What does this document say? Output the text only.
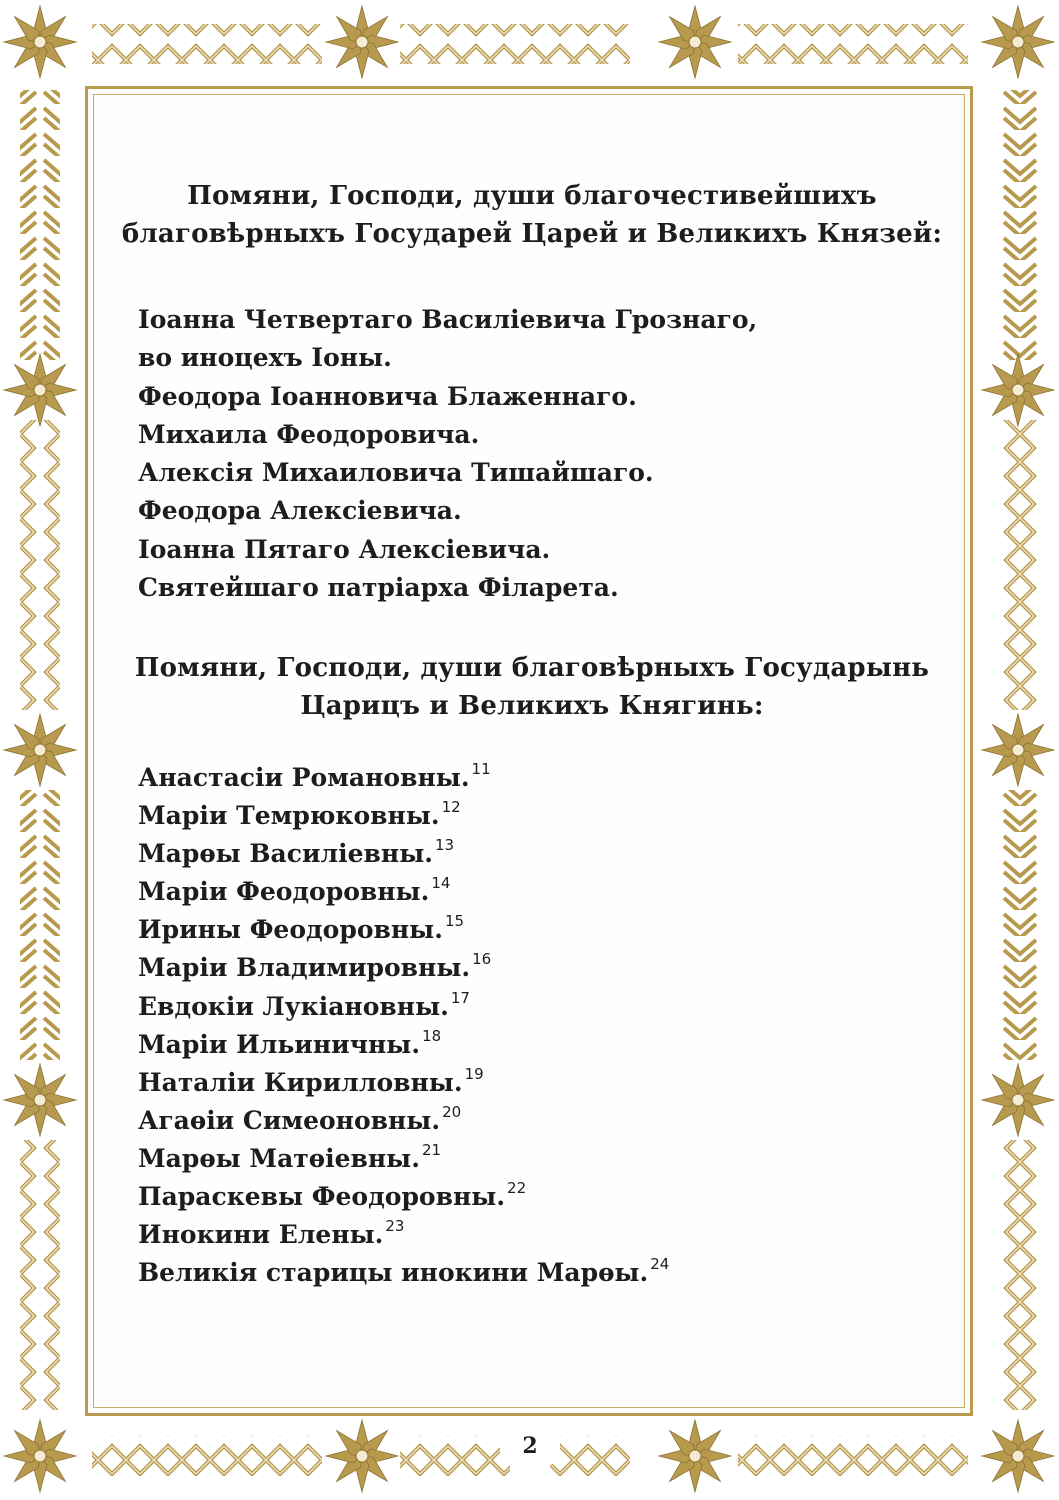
Помяни, Господи, души благочестивейшихъ
благовѣрныхъ Государей Царей и Великихъ Князей:
Іоанна Четвертаго Василіевича Грознаго,
во иноцехъ Іоны.
Феодора Іоанновича Блаженнаго.
Михаила Феодоровича.
Алексія Михаиловича Тишайшаго.
Феодора Алексіевича.
Іоанна Пятаго Алексіевича.
Святейшаго патріарха Філарета.
Помяни, Господи, души благовѣрныхъ Государынь
Царицъ и Великихъ Княгинь:
Анастасіи Романовны. $^{11}$
Маріи Темрюковны. $^{12}$
Марѳы Василіевны. $^{13}$
Маріи Феодоровны. $^{14}$
Ирины Феодоровны. $^{15}$
Маріи Владимировны. $^{16}$
Евдокіи Лукіановны. $^{17}$
Маріи Ильиничны. $^{18}$
Наталіи Кирилловны. $^{19}$
Агаѳіи Симеоновны. $^{20}$
Марѳы Матѳіевны. $^{21}$
Параскевы Феодоровны. $^{22}$
Инокини Елены. $^{23}$
Великія старицы инокини Марѳы. $^{24}$
2
